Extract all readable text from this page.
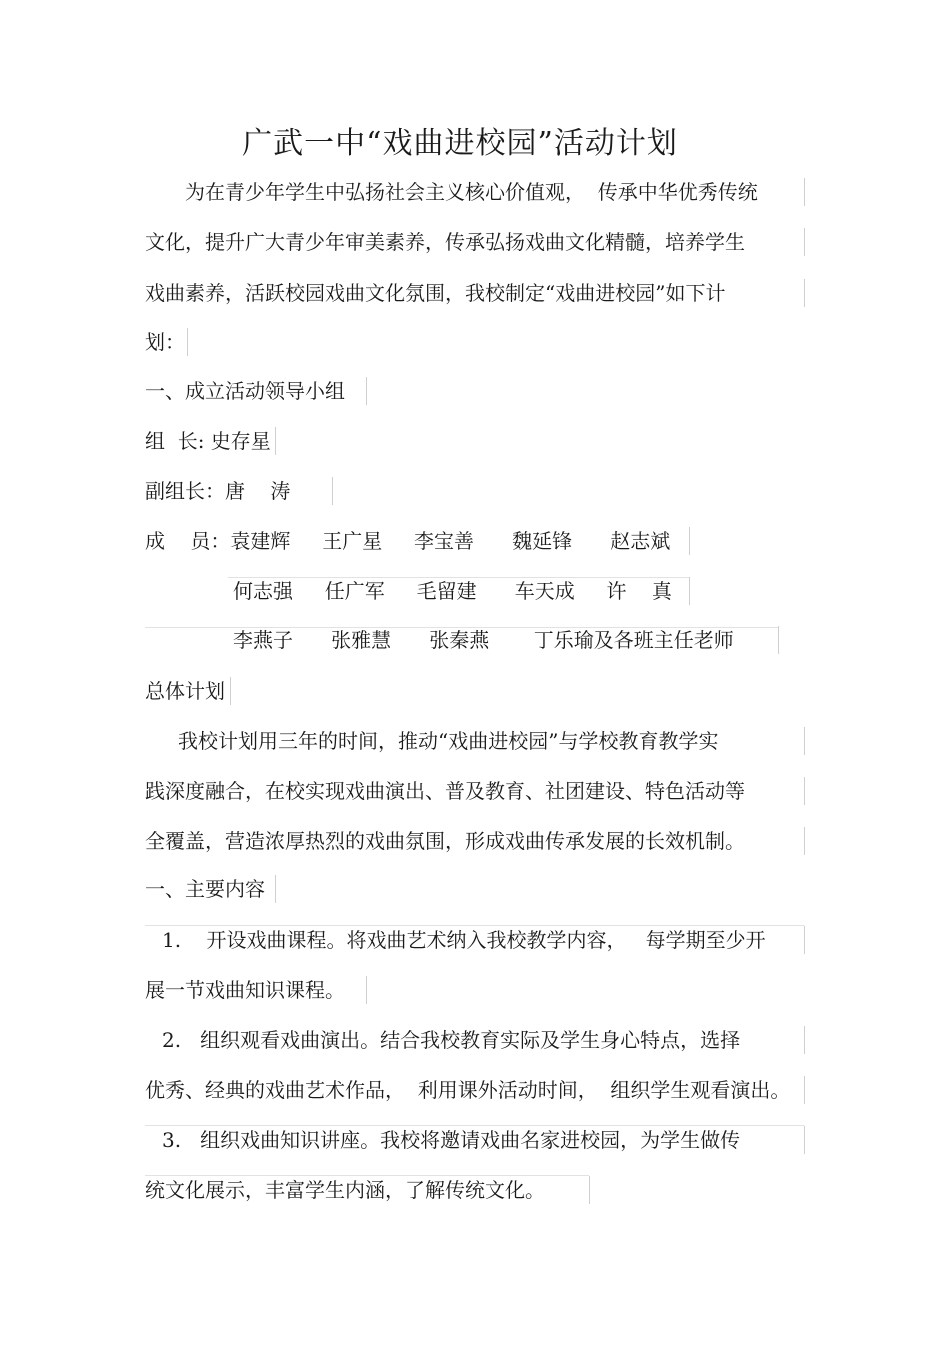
广武一中“戏曲进校园”活动计划
为在青少年学生中弘扬社会主义核心价值观，  传承中华优秀传统
文化，提升广大青少年审美素养，传承弘扬戏曲文化精髓，培养学生
戏曲素养，活跃校园戏曲文化氛围，我校制定“戏曲进校园”如下计
划：
一、成立活动领导小组
组  长: 史存星
副组长：唐    涛
成    员：袁建辉     王广星     李宝善      魏延锋      赵志斌
何志强     任广军     毛留建      车天成     许    真
李燕子      张雅慧      张秦燕       丁乐瑜及各班主任老师
总体计划
我校计划用三年的时间，推动“戏曲进校园”与学校教育教学实
践深度融合，在校实现戏曲演出、普及教育、社团建设、特色活动等
全覆盖，营造浓厚热烈的戏曲氛围，形成戏曲传承发展的长效机制。
一、主要内容
1.    开设戏曲课程。将戏曲艺术纳入我校教学内容，   每学期至少开
展一节戏曲知识课程。
2.   组织观看戏曲演出。结合我校教育实际及学生身心特点，选择
优秀、经典的戏曲艺术作品，  利用课外活动时间，  组织学生观看演出。
3.   组织戏曲知识讲座。我校将邀请戏曲名家进校园，为学生做传
统文化展示，丰富学生内涵，了解传统文化。
